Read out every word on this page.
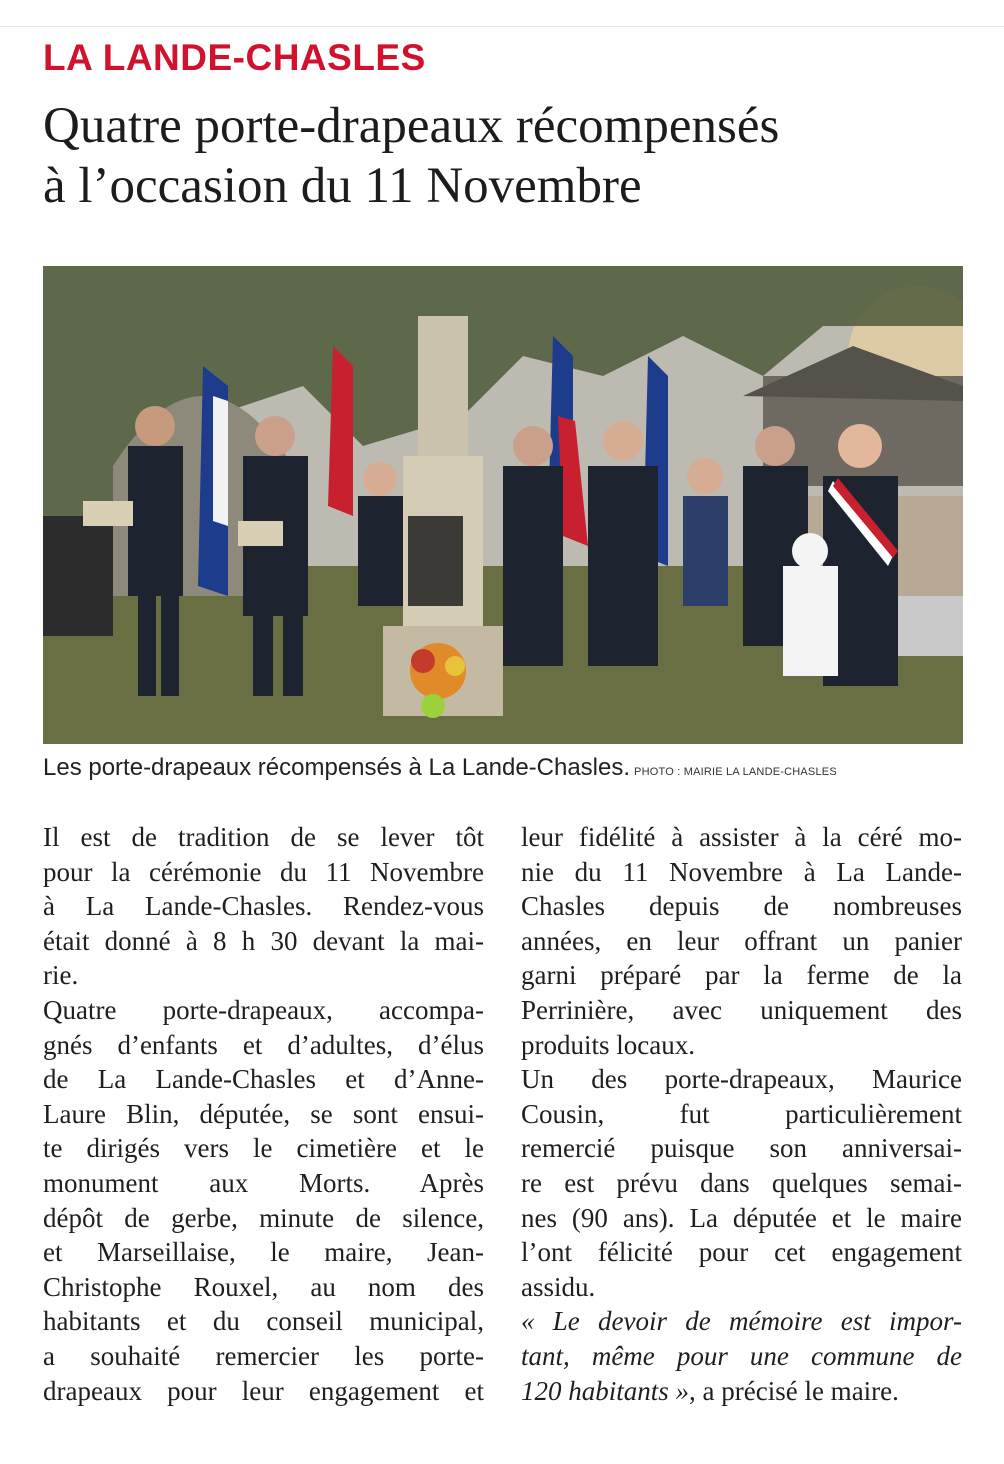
LA LANDE-CHASLES
Quatre porte-drapeaux récompensés
à l’occasion du 11 Novembre
Les porte-drapeaux récompensés à La Lande-Chasles. PHOTO : MAIRIE LA LANDE-CHASLES
Il est de tradition de se lever tôt
pour la cérémonie du 11 Novembre
à La Lande-Chasles. Rendez-vous
était donné à 8 h 30 devant la mai-
rie.
Quatre porte-drapeaux, accompa-
gnés d’enfants et d’adultes, d’élus
de La Lande-Chasles et d’Anne-
Laure Blin, députée, se sont ensui-
te dirigés vers le cimetière et le
monument aux Morts. Après
dépôt de gerbe, minute de silence,
et Marseillaise, le maire, Jean-
Christophe Rouxel, au nom des
habitants et du conseil municipal,
a souhaité remercier les porte-
drapeaux pour leur engagement et
leur fidélité à assister à la céré mo-
nie du 11 Novembre à La Lande-
Chasles depuis de nombreuses
années, en leur offrant un panier
garni préparé par la ferme de la
Perrinière, avec uniquement des
produits locaux.
Un des porte-drapeaux, Maurice
Cousin, fut particulièrement
remercié puisque son anniversai-
re est prévu dans quelques semai-
nes (90 ans). La députée et le maire
l’ont félicité pour cet engagement
assidu.
« Le devoir de mémoire est impor-
tant, même pour une commune de
120 habitants », a précisé le maire.
